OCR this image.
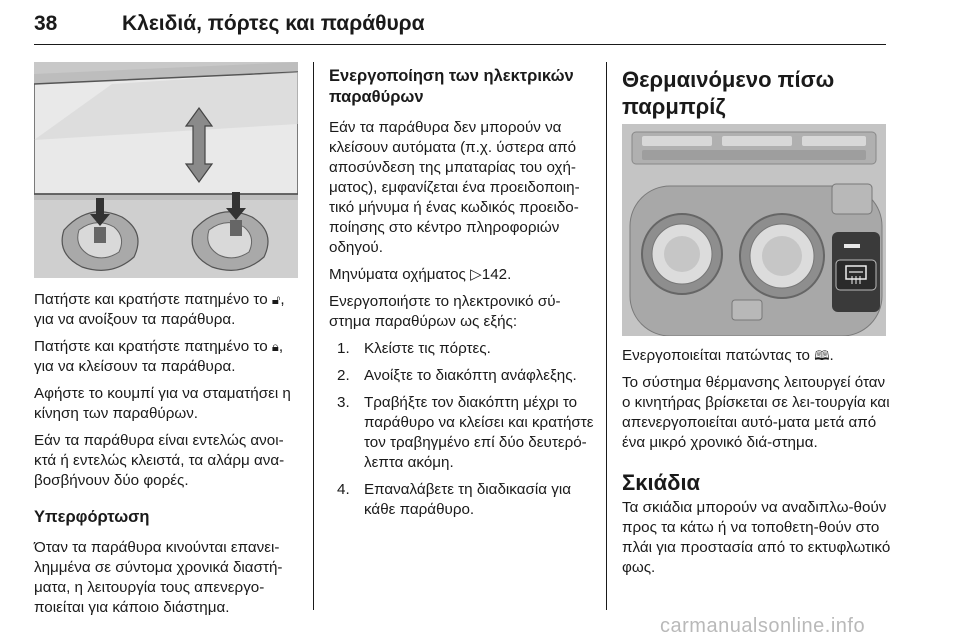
38	Κλειδιά, πόρτες και παράθυρα

Πατήστε και κρατήστε πατημένο το 🔓︎, για να ανοίξουν τα παράθυρα.

Πατήστε και κρατήστε πατημένο το 🔒︎, για να κλείσουν τα παράθυρα.

Αφήστε το κουμπί για να σταματήσει η κίνηση των παραθύρων.

Εάν τα παράθυρα είναι εντελώς ανοι-κτά ή εντελώς κλειστά, τα αλάρμ ανα-βοσβήνουν δύο φορές.

Υπερφόρτωση

Όταν τα παράθυρα κινούνται επανει-λημμένα σε σύντομα χρονικά διαστή-ματα, η λειτουργία τους απενεργο-ποιείται για κάποιο διάστημα.

Ενεργοποίηση των ηλεκτρικών παραθύρων

Εάν τα παράθυρα δεν μπορούν να κλείσουν αυτόματα (π.χ. ύστερα από αποσύνδεση της μπαταρίας του οχή-ματος), εμφανίζεται ένα προειδοποιη-τικό μήνυμα ή ένας κωδικός προειδο-ποίησης στο κέντρο πληροφοριών οδηγού.

Μηνύματα οχήματος ▷142.

Ενεργοποιήστε το ηλεκτρονικό σύ-στημα παραθύρων ως εξής:

1. Κλείστε τις πόρτες.
2. Ανοίξτε το διακόπτη ανάφλεξης.
3. Τραβήξτε τον διακόπτη μέχρι το παράθυρο να κλείσει και κρατήστε τον τραβηγμένο επί δύο δευτερό-λεπτα ακόμη.
4. Επαναλάβετε τη διαδικασία για κάθε παράθυρο.

Θερμαινόμενο πίσω παρμπρίζ

Ενεργοποιείται πατώντας το 🕮︎.

Το σύστημα θέρμανσης λειτουργεί όταν ο κινητήρας βρίσκεται σε λει-τουργία και απενεργοποιείται αυτό-ματα μετά από ένα μικρό χρονικό διά-στημα.

Σκιάδια

Τα σκιάδια μπορούν να αναδιπλω-θούν προς τα κάτω ή να τοποθετη-θούν στο πλάι για προστασία από το εκτυφλωτικό φως.

carmanualsonline.info
